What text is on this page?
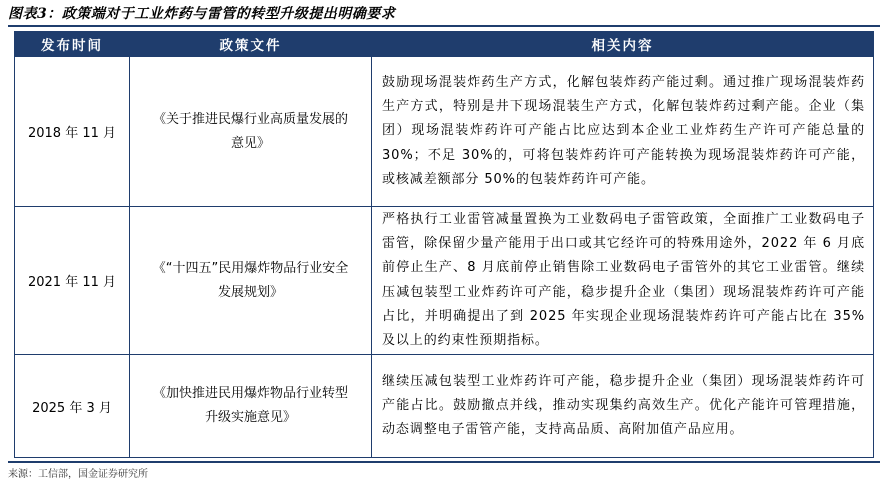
图表3：政策端对于工业炸药与雷管的转型升级提出明确要求
发布时间	政策文件	相关内容
2018 年 11 月	《关于推进民爆行业高质量发展的意见》	鼓励现场混装炸药生产方式，化解包装炸药产能过剩。通过推广现场混装炸药生产方式，特别是井下现场混装生产方式，化解包装炸药过剩产能。企业（集团）现场混装炸药许可产能占比应达到本企业工业炸药生产许可产能总量的 30%；不足 30%的，可将包装炸药许可产能转换为现场混装炸药许可产能，或核减差额部分 50%的包装炸药许可产能。
2021 年 11 月	《“十四五”民用爆炸物品行业安全发展规划》	严格执行工业雷管减量置换为工业数码电子雷管政策，全面推广工业数码电子雷管，除保留少量产能用于出口或其它经许可的特殊用途外，2022 年 6 月底前停止生产、8 月底前停止销售除工业数码电子雷管外的其它工业雷管。继续压减包装型工业炸药许可产能，稳步提升企业（集团）现场混装炸药许可产能占比，并明确提出了到 2025 年实现企业现场混装炸药许可产能占比在 35%及以上的约束性预期指标。
2025 年 3 月	《加快推进民用爆炸物品行业转型升级实施意见》	继续压减包装型工业炸药许可产能，稳步提升企业（集团）现场混装炸药许可产能占比。鼓励撤点并线，推动实现集约高效生产。优化产能许可管理措施，动态调整电子雷管产能，支持高品质、高附加值产品应用。
来源：工信部，国金证券研究所
